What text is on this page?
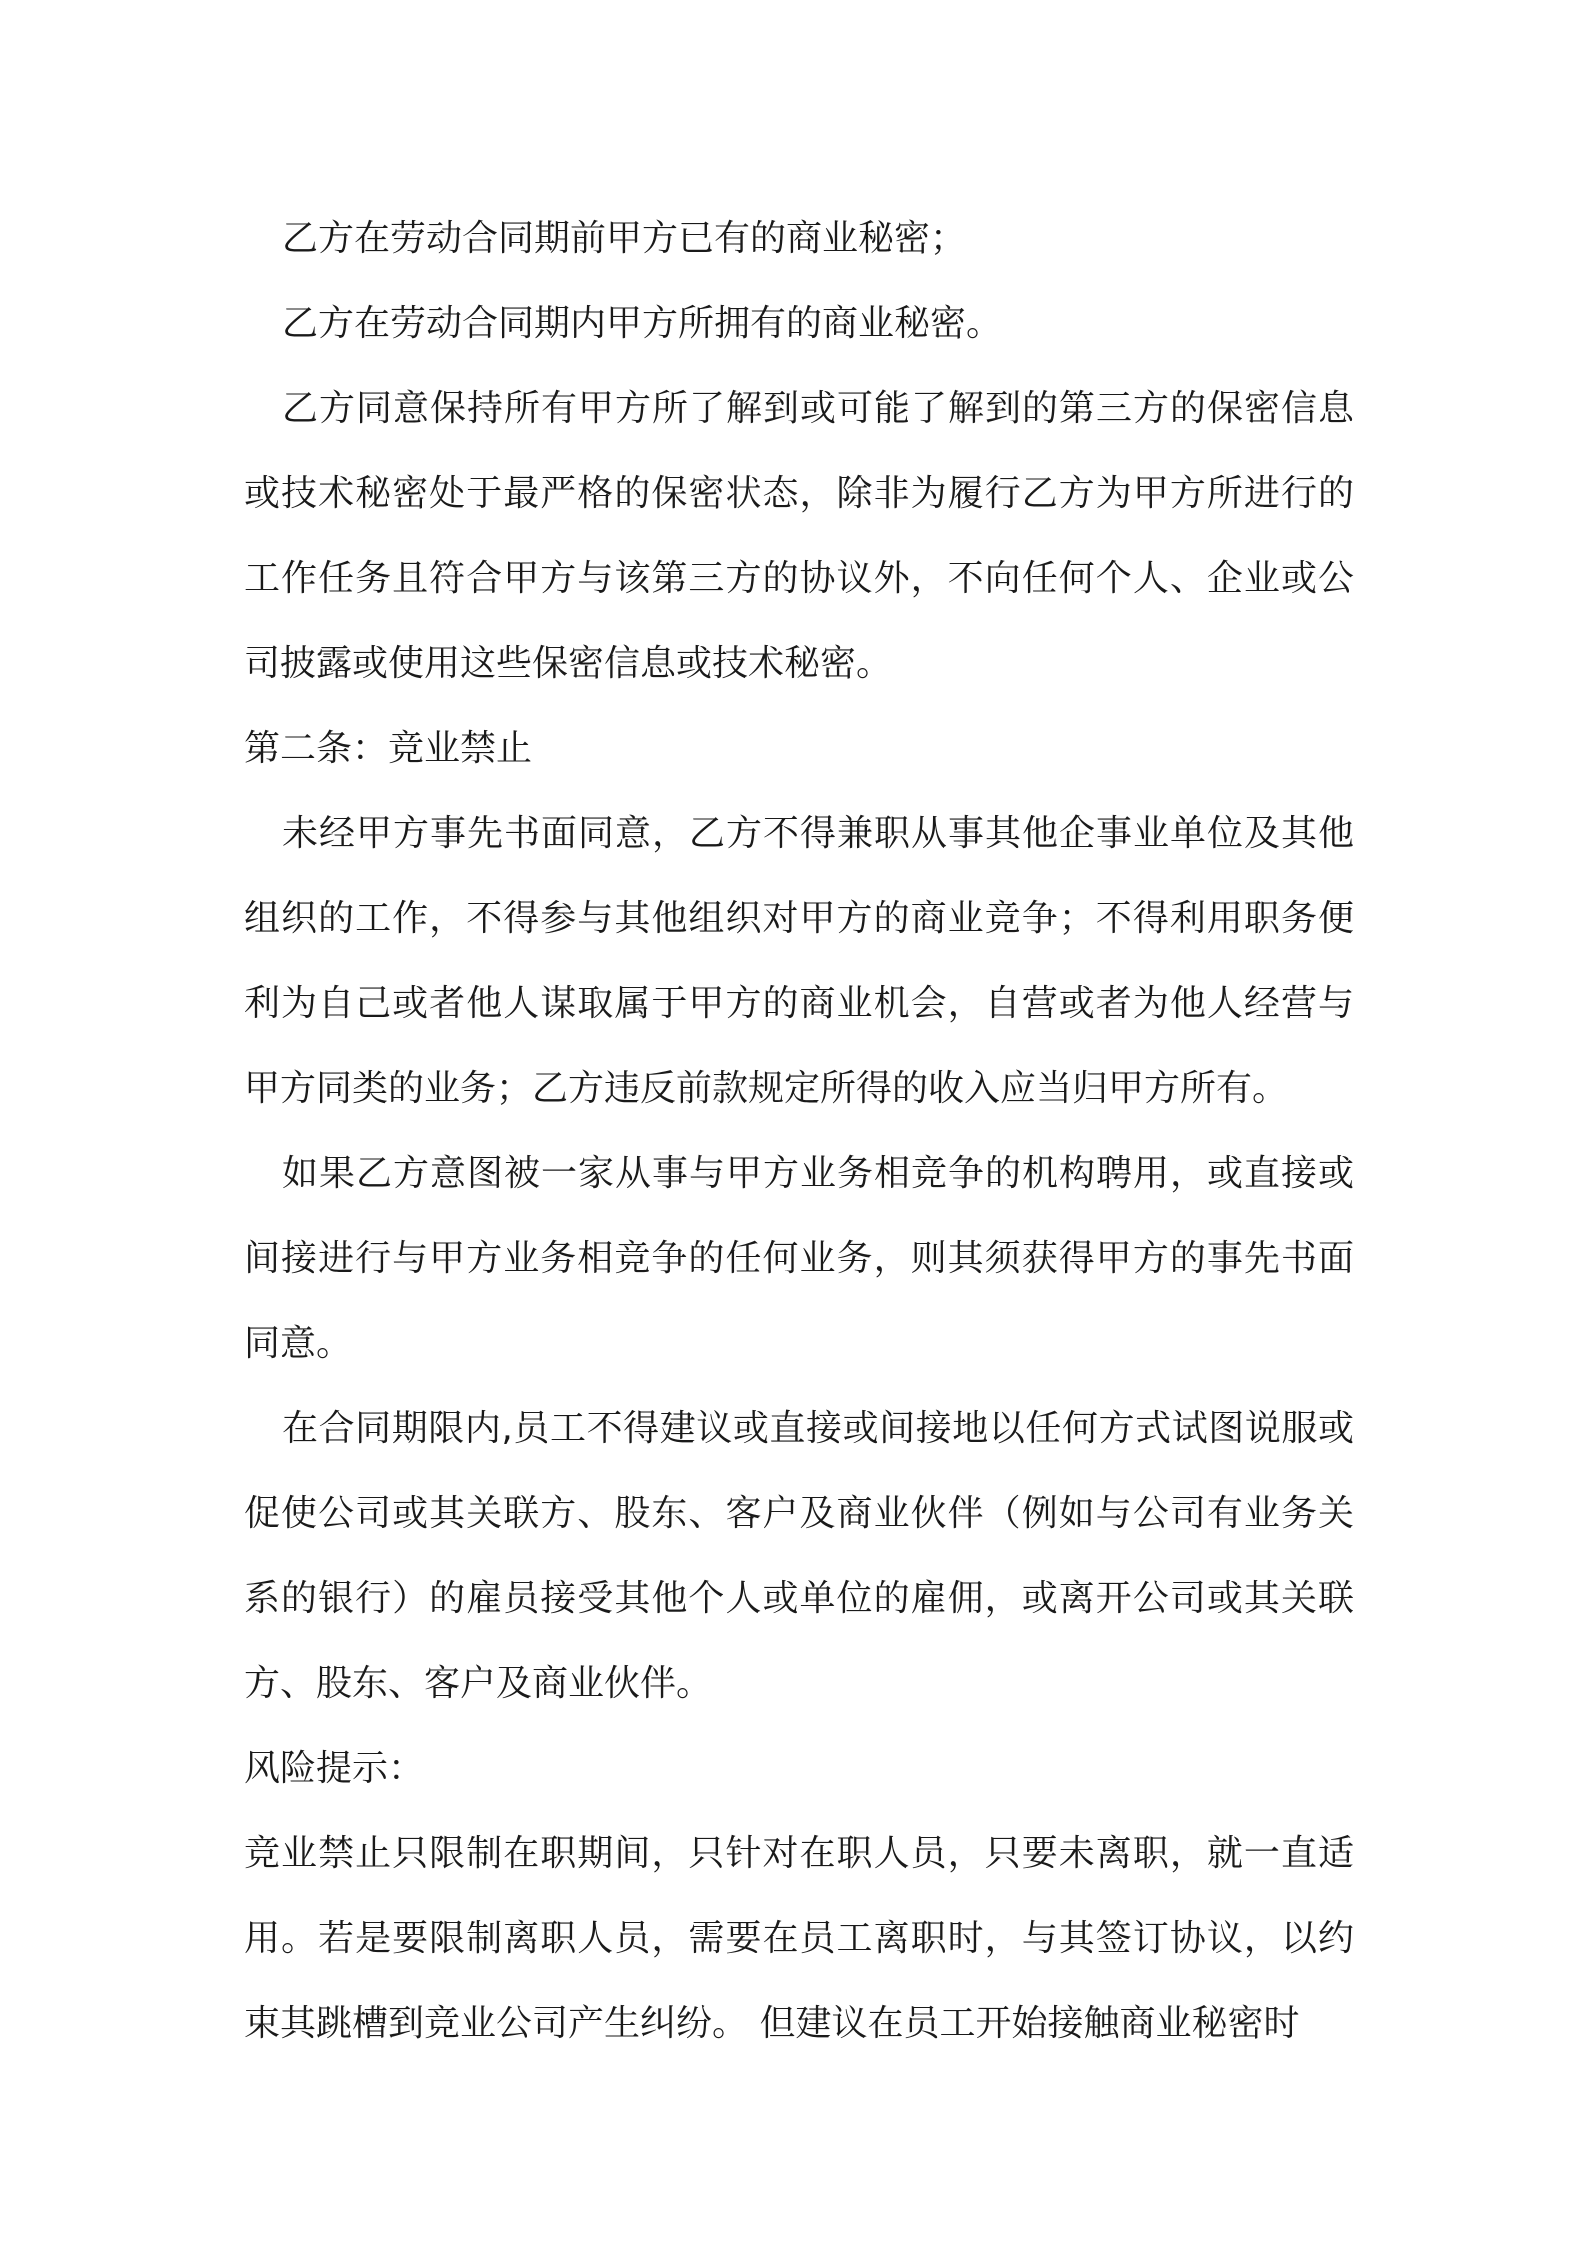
乙方在劳动合同期前甲方已有的商业秘密；

乙方在劳动合同期内甲方所拥有的商业秘密。

乙方同意保持所有甲方所了解到或可能了解到的第三方的保密信息或技术秘密处于最严格的保密状态，除非为履行乙方为甲方所进行的工作任务且符合甲方与该第三方的协议外，不向任何个人、企业或公司披露或使用这些保密信息或技术秘密。

第二条：竞业禁止

未经甲方事先书面同意，乙方不得兼职从事其他企事业单位及其他组织的工作，不得参与其他组织对甲方的商业竞争；不得利用职务便利为自己或者他人谋取属于甲方的商业机会，自营或者为他人经营与甲方同类的业务；乙方违反前款规定所得的收入应当归甲方所有。

如果乙方意图被一家从事与甲方业务相竞争的机构聘用，或直接或间接进行与甲方业务相竞争的任何业务，则其须获得甲方的事先书面同意。

在合同期限内,员工不得建议或直接或间接地以任何方式试图说服或促使公司或其关联方、股东、客户及商业伙伴（例如与公司有业务关系的银行）的雇员接受其他个人或单位的雇佣，或离开公司或其关联方、股东、客户及商业伙伴。

风险提示：

竞业禁止只限制在职期间，只针对在职人员，只要未离职，就一直适用。若是要限制离职人员，需要在员工离职时，与其签订协议，以约束其跳槽到竞业公司产生纠纷。 但建议在员工开始接触商业秘密时
